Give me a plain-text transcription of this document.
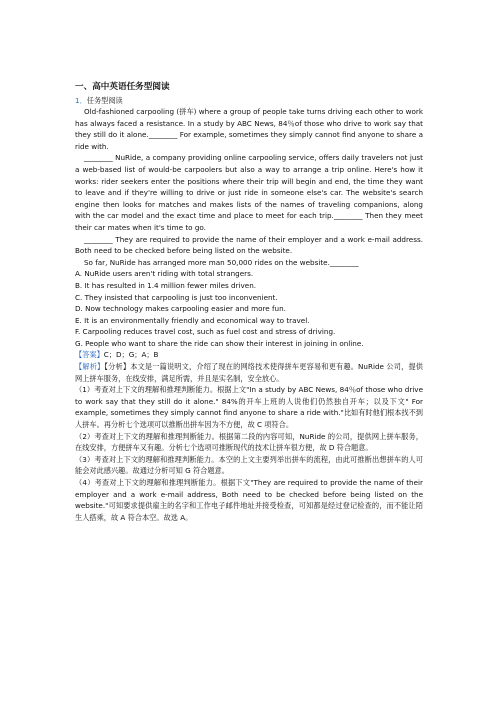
一、高中英语任务型阅读
1．任务型阅读

Old-fashioned carpooling (拼车) where a group of people take turns driving each other to work has always faced a resistance. In a study by ABC News, 84％of those who drive to work say that they still do it alone.________ For example, sometimes they simply cannot find anyone to share a ride with.

________ NuRide, a company providing online carpooling service, offers daily travelers not just a web-based list of would-be carpoolers but also a way to arrange a trip online. Here's how it works: rider seekers enter the positions where their trip will begin and end, the time they want to leave and if they're willing to drive or just ride in someone else's car. The website's search engine then looks for matches and makes lists of the names of traveling companions, along with the car model and the exact time and place to meet for each trip.________ Then they meet their car mates when it's time to go.

________ They are required to provide the name of their employer and a work e-mail address. Both need to be checked before being listed on the website.

So far, NuRide has arranged more man 50,000 rides on the website.________

A. NuRide users aren't riding with total strangers.

B. It has resulted in 1.4 million fewer miles driven.

C. They insisted that carpooling is just too inconvenient.

D. Now technology makes carpooling easier and more fun.

E. It is an environmentally friendly and economical way to travel.

F. Carpooling reduces travel cost, such as fuel cost and stress of driving.

G. People who want to share the ride can show their interest in joining in online.

【答案】C；D；G；A；B

【解析】【分析】本文是一篇说明文，介绍了现在的网络技术使得拼车更容易和更有趣。NuRide 公司，提供网上拼车服务，在线安排，满足所需，并且是实名制，安全放心。

（1）考查对上下文的理解和推理判断能力。根据上文"In a study by ABC News, 84％of those who drive to work say that they still do it alone." 84%的开车上班的人说他们仍然独自开车；以及下文" For example, sometimes they simply cannot find anyone to share a ride with."比如有时他们根本找不到人拼车。再分析七个选项可以推断出拼车因为不方便，故 C 项符合。

（2）考查对上下文的理解和推理判断能力。根据第二段的内容可知，NuRide 的公司，提供网上拼车服务，在线安排，方便拼车又有趣。分析七个选项可推断现代的技术让拼车很方便，故 D 符合题意。

（3）考查对上下文的理解和推理判断能力。本空的上文主要列举出拼车的流程，由此可推断出想拼车的人可能会对此感兴趣。故通过分析可知 G 符合题意。

（4）考查对上下文的理解和推理判断能力。根据下文"They are required to provide the name of their employer and a work e-mail address, Both need to be checked before being listed on the website."可知要求提供雇主的名字和工作电子邮件地址并接受检查，可知都是经过登记检查的，而不能让陌生人搭乘，故 A 符合本空。故选 A。
